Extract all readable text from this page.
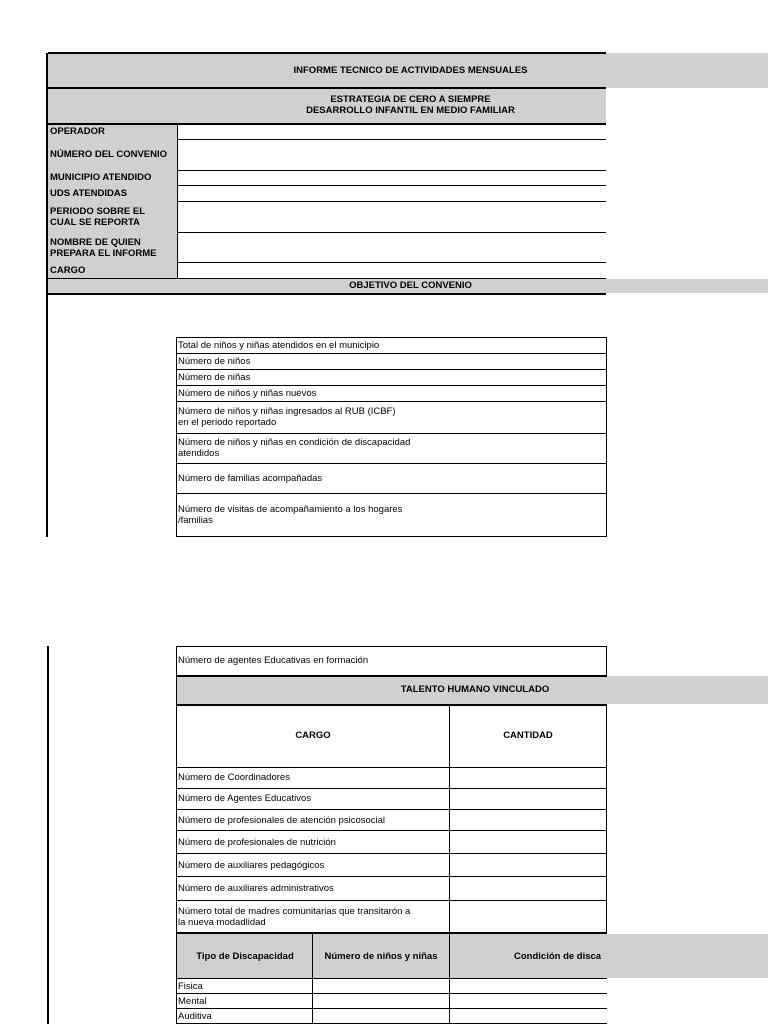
INFORME TECNICO DE ACTIVIDADES MENSUALES
ESTRATEGIA DE CERO A SIEMPRE
DESARROLLO INFANTIL EN MEDIO FAMILIAR
OPERADOR
NÚMERO DEL CONVENIO
MUNICIPIO ATENDIDO
UDS ATENDIDAS
PERIODO SOBRE EL
CUAL SE REPORTA
NOMBRE DE QUIEN
PREPARA EL INFORME
CARGO
OBJETIVO DEL CONVENIO
Total de niños y niñas atendidos en el municipio
Número de niños
Número de niñas
Número de niños y niñas nuevos
Número de niños y niñas ingresados al RUB (ICBF)
en el periodo reportado
Número de niños y niñas en condición de discapacidad
atendidos
Número de familias acompañadas
Número de visitas de acompañamiento a los hogares
/familias
Número de agentes Educativas en formación
TALENTO HUMANO VINCULADO
CARGO	CANTIDAD
Número de Coordinadores
Número de Agentes Educativos
Número de profesionales de atención psicosocial
Número de profesionales de nutrición
Número de auxiliares pedagógicos
Número de auxiliares administrativos
Número total de madres comunitarias que transitarón a
la nueva modadlidad
Tipo de Discapacidad	Número de niños y niñas	Condición de disca
Fisica
Mental
Auditiva
